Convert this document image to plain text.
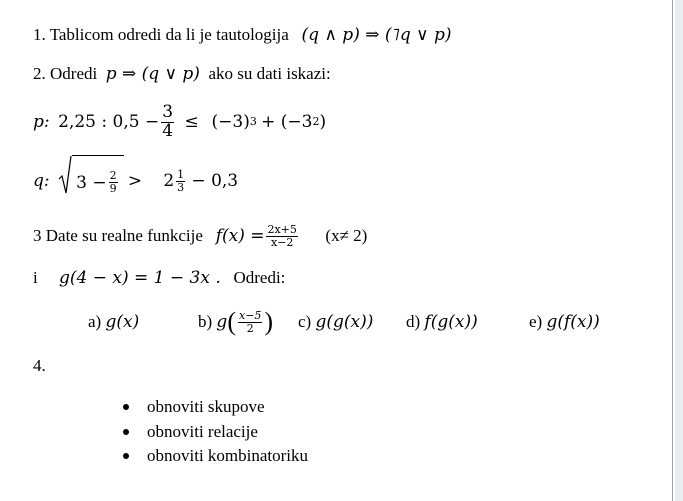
1. Tablicom odredi da li je tautologija (q ∧ p) ⇒ (˥q ∨ p)
2. Odredi p ⇒ (q ∨ p) ako su dati iskazi:
p:
2,25 : $0,5 - \frac{3}{4}$
≤
(−3) 3
+ (−3 2 )
q:
$3 - \frac{2}{9}$
>
$2 \frac{1}{3}$
− 0,3
3 Date su realne funkcije
$f(x) = \frac{2x+5}{x-2}$
(x≠ 2)
i g(4 − x) = 1 − 3x . Odredi:
a)
g(x)	b)
g ( $\frac{x-5}{2}$ ) c)
g(g(x)) d)
f(g(x))	e)
g(f(x))
4.
obnoviti skupove
obnoviti relacije
obnoviti kombinatoriku
